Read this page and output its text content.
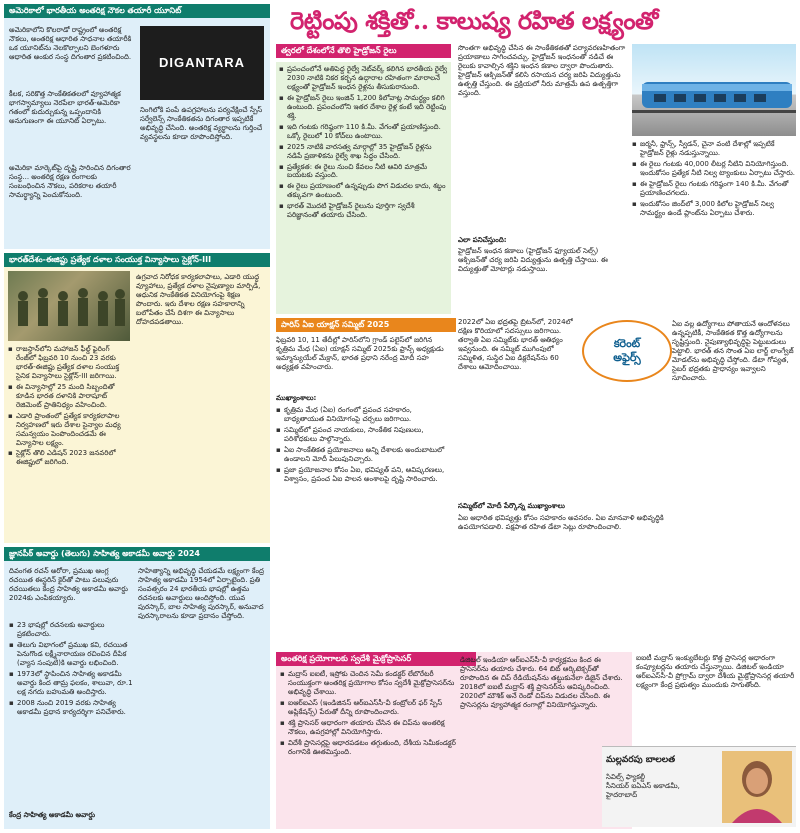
రెట్టింపు శక్తితో.. కాలుష్య రహిత లక్ష్యంతో
అమెరికాలో భారతీయ అంతరిక్ష నౌకల తయారీ యూనిట్
అమెరికాలోని కొలరాడో రాష్ట్రంలో అంతరిక్ష నౌకలు, అంతరిక్ష ఆధారిత సాధనాల తయారీకి ఒక యూనిట్‌ను నెలకొల్పాలని బెంగళూరు ఆధారిత అంకుర సంస్థ దిగంతార ప్రకటించింది.
కీలక, సరికొత్త సాంకేతికతలలో వ్యూహాత్మక భాగస్వామ్యాలు నెరపేలా భారత్-అమెరికా గతంలో కుదుర్చుకున్న ఒప్పందానికి అనుగుణంగా ఈ యూనిట్ ఏర్పాటు.
అమెరికా మార్కెట్‌పై దృష్టి సారించిన దిగంతార సంస్థ... అంతరిక్ష రక్షణ రంగాలకు సంబంధించిన నౌకలు, పరికరాల తయారీ సామర్థ్యాన్ని పెంచుకోనుంది.
DIGANTARA
నింగిలోకి పంపే ఉపగ్రహాలను పర్యవేక్షించే స్పేస్ సర్వేలెన్స్ సాంకేతికతను దిగంతార ఇప్పటికే అభివృద్ధి చేసింది. అంతరిక్ష వ్యర్థాలను గుర్తించే వ్యవస్థలను కూడా రూపొందిస్తోంది.
త్వరలో దేశంలోనే తొలి హైడ్రోజన్ రైలు
▪ ప్రపంచంలోనే అతిపెద్ద రైల్వే నెట్‌వర్క్ కలిగిన భారతీయ రైల్వే 2030 నాటికి నికర కర్బన ఉద్గారాల రహితంగా మారాలనే లక్ష్యంతో హైడ్రోజన్ ఇంధన రైళ్లను తీసుకురానుంది.
▪ ఈ హైడ్రోజన్ రైలు ఇంజిన్ 1,200 కిలోవాట్ల సామర్థ్యం కలిగి ఉంటుంది. ప్రపంచంలోని ఇతర దేశాల రైళ్ల కంటే ఇది రెట్టింపు శక్తి.
▪ ఇది గంటకు గరిష్ఠంగా 110 కి.మీ. వేగంతో ప్రయాణిస్తుంది. ఒక్కో రైలులో 10 కోచ్‌లు ఉంటాయి.
▪ 2025 నాటికి వారసత్వ మార్గాల్లో 35 హైడ్రోజన్ రైళ్లను నడిపే ప్రణాళికను రైల్వే శాఖ సిద్ధం చేసింది.
▪ ప్రత్యేకత: ఈ రైలు నుంచి కేవలం నీటి ఆవిరి మాత్రమే బయటకు వస్తుంది.
▪ ఈ రైలు ప్రయాణంలో ఉన్నప్పుడు పొగ విడుదల కాదు, శబ్దం తక్కువగా ఉంటుంది.
▪ భారత్ మొదటి హైడ్రోజన్ రైలును పూర్తిగా స్వదేశీ పరిజ్ఞానంతో తయారు చేసింది.
సొంతగా అభివృద్ధి చేసిన ఈ సాంకేతికతతో పర్యావరణహితంగా ప్రయాణాలు సాగించవచ్చు. హైడ్రోజన్ ఇంధనంతో నడిచే ఈ రైలుకు కావాల్సిన శక్తిని ఇంధన కణాల ద్వారా పొందుతారు. హైడ్రోజన్ ఆక్సిజన్‌తో కలిసి రసాయన చర్య జరిపి విద్యుత్తును ఉత్పత్తి చేస్తుంది. ఈ ప్రక్రియలో నీరు మాత్రమే ఉప ఉత్పత్తిగా వస్తుంది.
ఎలా పనిచేస్తుంది:
హైడ్రోజన్ ఇంధన కణాలు (హైడ్రోజన్ ఫ్యూయల్ సెల్స్) ఆక్సిజన్‌తో చర్య జరిపి విద్యుత్తును ఉత్పత్తి చేస్తాయి. ఈ విద్యుత్తుతో మోటార్లు నడుస్తాయి.
▪ జర్మనీ, ఫ్రాన్స్, స్వీడన్, చైనా వంటి దేశాల్లో ఇప్పటికే హైడ్రోజన్ రైళ్లు నడుస్తున్నాయి.
▪ ఈ రైలు గంటకు 40,000 లీటర్ల నీటిని వినియోగిస్తుంది. ఇందుకోసం ప్రత్యేక నీటి నిల్వ ట్యాంకులు ఏర్పాటు చేస్తారు.
▪ ఈ హైడ్రోజన్ రైలు గంటకు గరిష్ఠంగా 140 కి.మీ. వేగంతో ప్రయాణించగలదు.
▪ ఇందుకోసం జింద్‌లో 3,000 కిలోల హైడ్రోజన్ నిల్వ సామర్థ్యం ఉండే ప్లాంట్‌ను ఏర్పాటు చేశారు.
భారత్‌దేశం-ఈజిప్టు ప్రత్యేక దళాల సంయుక్త విన్యాసాలు సైక్లోన్-III
▪ రాజస్థాన్‌లోని మహాజన్ ఫీల్డ్ ఫైరింగ్ రేంజ్‌లో ఫిబ్రవరి 10 నుంచి 23 వరకు భారత్-ఈజిప్టు ప్రత్యేక దళాల సంయుక్త సైనిక విన్యాసాలు సైక్లోన్-III జరిగాయి.
▪ ఈ విన్యాసాల్లో 25 మంది సిబ్బందితో కూడిన భారత దళానికి పారాషూట్ రెజిమెంట్ ప్రాతినిధ్యం వహించింది.
▪ ఎడారి ప్రాంతంలో ప్రత్యేక కార్యకలాపాల నిర్వహణలో ఇరు దేశాల సైన్యాల మధ్య సమన్వయం పెంపొందించడమే ఈ విన్యాసాల లక్ష్యం.
▪ సైక్లోన్ తొలి ఎడిషన్ 2023 జనవరిలో ఈజిప్టులో జరిగింది.
ఉగ్రవాద నిరోధక కార్యకలాపాలు, ఎడారి యుద్ధ వ్యూహాలు, ప్రత్యేక దళాల నైపుణ్యాల మార్పిడి, ఆధునిక సాంకేతికత వినియోగంపై శిక్షణ పొందారు. ఇరు దేశాల రక్షణ సహకారాన్ని బలోపేతం చేసే దిశగా ఈ విన్యాసాలు దోహదపడతాయి.	పారిస్ ఏఐ యాక్షన్ సమ్మిట్ 2025
ఫిబ్రవరి 10, 11 తేదీల్లో పారిస్‌లోని గ్రాండ్ పలైస్‌లో జరిగిన కృత్రిమ మేధ (ఏఐ) యాక్షన్ సమ్మిట్ 2025కు ఫ్రాన్స్ అధ్యక్షుడు ఇమ్మాన్యుయేల్ మేక్రాన్, భారత ప్రధాని నరేంద్ర మోదీ సహ అధ్యక్షత వహించారు.
ముఖ్యాంశాలు:
▪ కృత్రిమ మేధ (ఏఐ) రంగంలో ప్రపంచ సహకారం, బాధ్యతాయుత వినియోగంపై చర్చలు జరిగాయి.
▪ సమ్మిట్‌లో ప్రపంచ నాయకులు, సాంకేతిక నిపుణులు, పరిశోధకులు పాల్గొన్నారు.
▪ ఏఐ సాంకేతికత ప్రయోజనాలు అన్ని దేశాలకు అందుబాటులో ఉండాలని మోదీ పిలుపునిచ్చారు.
▪ ప్రజా ప్రయోజనాల కోసం ఏఐ, భవిష్యత్ పని, ఆవిష్కరణలు, విశ్వాసం, ప్రపంచ ఏఐ పాలన అంశాలపై దృష్టి సారించారు.
2022లో ఏఐ భద్రతపై బ్రిటన్‌లో, 2024లో దక్షిణ కొరియాలో సదస్సులు జరిగాయి. తర్వాతి ఏఐ సమ్మిట్‌కు భారత్ ఆతిథ్యం ఇవ్వనుంది. ఈ సమ్మిట్ ముగింపులో సమ్మిళిత, సుస్థిర ఏఐ డిక్లరేషన్‌ను 60 దేశాలు ఆమోదించాయి.
కరెంట్
అఫైర్స్
సమ్మిట్‌లో మోదీ పేర్కొన్న ముఖ్యాంశాలు
ఏఐ ఆధారిత భవిష్యత్తు కోసం సహకారం అవసరం. ఏఐ మానవాళి అభివృద్ధికి ఉపయోగపడాలి. పక్షపాత రహిత డేటా సెట్లు రూపొందించాలి.
ఏఐ వల్ల ఉద్యోగాలు పోతాయనే ఆందోళనలు ఉన్నప్పటికీ, సాంకేతికత కొత్త ఉద్యోగాలను సృష్టిస్తుంది. నైపుణ్యాభివృద్ధిపై పెట్టుబడులు పెట్టాలి. భారత్ తన సొంత ఏఐ లార్జ్ లాంగ్వేజ్ మోడల్‌ను అభివృద్ధి చేస్తోంది. డేటా గోప్యత, సైబర్ భద్రతకు ప్రాధాన్యం ఇవ్వాలని సూచించారు.
జ్ఞానపీఠ్ అవార్డు (తెలుగు) సాహిత్య అకాడమీ అవార్డు 2024
దివంగత రచన్ అరోరా, ప్రముఖ ఆంగ్ల రచయిత ఈస్టరిన్ కైర్‌తో పాటు పలువురు రచయితలు కేంద్ర సాహిత్య అకాడమీ అవార్డు 2024కు ఎంపికయ్యారు.
▪ 23 భాషల్లో రచనలకు అవార్డులు ప్రకటించారు.
▪ తెలుగు విభాగంలో ప్రముఖ కవి, రచయిత పెనుగొండ లక్ష్మీనారాయణ రచించిన దీపిక (వ్యాస సంపుటి)కి అవార్డు లభించింది.
▪ 1973లో స్థాపించిన సాహిత్య అకాడమీ అవార్డు కింద తామ్ర ఫలకం, శాలువా, రూ.1 లక్ష నగదు బహుమతి అందిస్తారు.
▪ 2008 నుంచి 2019 వరకు సాహిత్య అకాడమీ ప్రధాన కార్యదర్శిగా పనిచేశారు.
కేంద్ర సాహిత్య అకాడమీ అవార్డు
సాహిత్యాన్ని అభివృద్ధి చేయడమే లక్ష్యంగా కేంద్ర సాహిత్య అకాడమీ 1954లో ఏర్పాటైంది. ప్రతి సంవత్సరం 24 భారతీయ భాషల్లో ఉత్తమ రచనలకు అవార్డులు అందిస్తోంది. యువ పురస్కార్, బాల సాహిత్య పురస్కార్, అనువాద పురస్కారాలను కూడా ప్రదానం చేస్తోంది.
అంతరిక్ష ప్రయోగాలకు స్వదేశీ మైక్రోప్రాసెసర్
▪ మద్రాస్ ఐఐటీ, ఇస్రోకు చెందిన సెమీ కండక్టర్ లేబొరేటరీ సంయుక్తంగా అంతరిక్ష ప్రయోగాల కోసం స్వదేశీ మైక్రోప్రాసెసర్‌ను అభివృద్ధి చేశాయి.
▪ ఐఆర్ఐఎస్ (ఇండిజినస్ ఆర్ఐఎస్‌సీ-వీ కంట్రోలర్ ఫర్ స్పేస్ అప్లికేషన్స్) పేరుతో దీన్ని రూపొందించారు.
▪ శక్తి ప్రాసెసర్ ఆధారంగా తయారు చేసిన ఈ చిప్‌ను అంతరిక్ష నౌకలు, ఉపగ్రహాల్లో వినియోగిస్తారు.
▪ విదేశీ ప్రాసెసర్లపై ఆధారపడటం తగ్గుతుంది, దేశీయ సెమీకండక్టర్ రంగానికి ఊతమిస్తుంది.
డిజిటల్ ఇండియా ఆర్ఐఎస్‌సీ-వీ కార్యక్రమం కింద ఈ ప్రాసెసర్‌ను తయారు చేశారు. 64 బిట్ ఆర్కిటెక్చర్‌తో రూపొందిన ఈ చిప్ రేడియేషన్‌ను తట్టుకునేలా డిజైన్ చేశారు. 2018లో ఐఐటీ మద్రాస్ శక్తి ప్రాసెసర్‌ను ఆవిష్కరించింది. 2020లో మౌశిక్ అనే రెండో చిప్‌ను విడుదల చేసింది. ఈ ప్రాసెసర్లను వ్యూహాత్మక రంగాల్లో వినియోగిస్తున్నారు.
ఐఐటీ మద్రాస్ ఇంక్యుబేటర్లు కొత్త ప్రాసెసర్ల ఆధారంగా కంప్యూటర్లను తయారు చేస్తున్నాయి. డిజిటల్ ఇండియా ఆర్ఐఎస్‌సీ-వీ ప్రోగ్రామ్ ద్వారా దేశీయ మైక్రోప్రాసెసర్ల తయారీ లక్ష్యంగా కేంద్ర ప్రభుత్వం ముందుకు సాగుతోంది.
మల్లవరపు బాలలత
సివిల్స్ ఫ్యాకల్టీ
సీనియర్ ఐఏఎస్ అకాడమీ,
హైదరాబాద్
